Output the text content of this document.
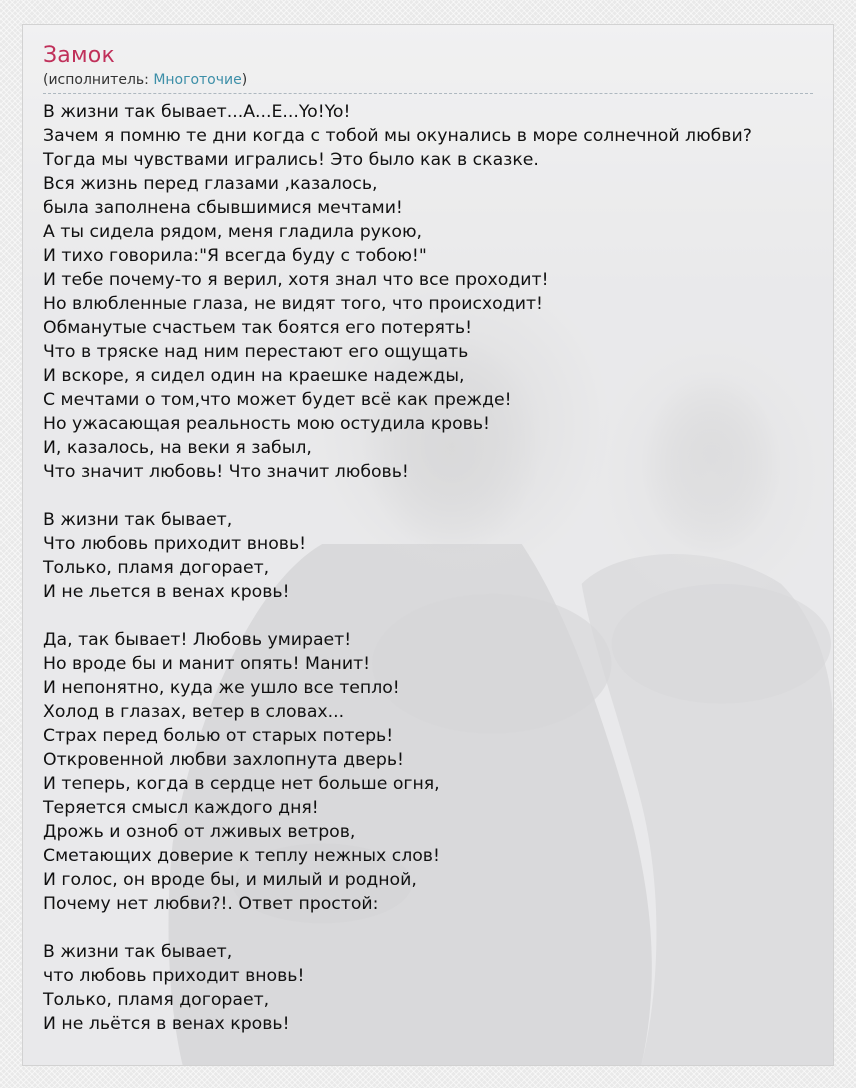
Замок
(исполнитель: Многоточие)
В жизни так бывает...А...Е...Yo!Yo!
Зачем я помню те дни когда с тобой мы окунались в море солнечной любви?
Тогда мы чувствами игрались! Это было как в сказке.
Вся жизнь перед глазами ,казалось,
была заполнена сбывшимися мечтами!
А ты сидела рядом, меня гладила рукою,
И тихо говорила:"Я всегда буду с тобою!"
И тебе почему-то я верил, хотя знал что все проходит!
Но влюбленные глаза, не видят того, что происходит!
Обманутые счастьем так боятся его потерять!
Что в тряске над ним перестают его ощущать
И вскоре, я сидел один на краешке надежды,
С мечтами о том,что может будет всё как прежде!
Но ужасающая реальность мою остудила кровь!
И, казалось, на веки я забыл,
Что значит любовь! Что значит любовь!
В жизни так бывает,
Что любовь приходит вновь!
Только, пламя догорает,
И не льется в венах кровь!
Да, так бывает! Любовь умирает!
Но вроде бы и манит опять! Манит!
И непонятно, куда же ушло все тепло!
Холод в глазах, ветер в словах...
Страх перед болью от старых потерь!
Откровенной любви захлопнута дверь!
И теперь, когда в сердце нет больше огня,
Теряется смысл каждого дня!
Дрожь и озноб от лживых ветров,
Сметающих доверие к теплу нежных слов!
И голос, он вроде бы, и милый и родной,
Почему нет любви?!. Ответ простой:
В жизни так бывает,
что любовь приходит вновь!
Только, пламя догорает,
И не льётся в венах кровь!
